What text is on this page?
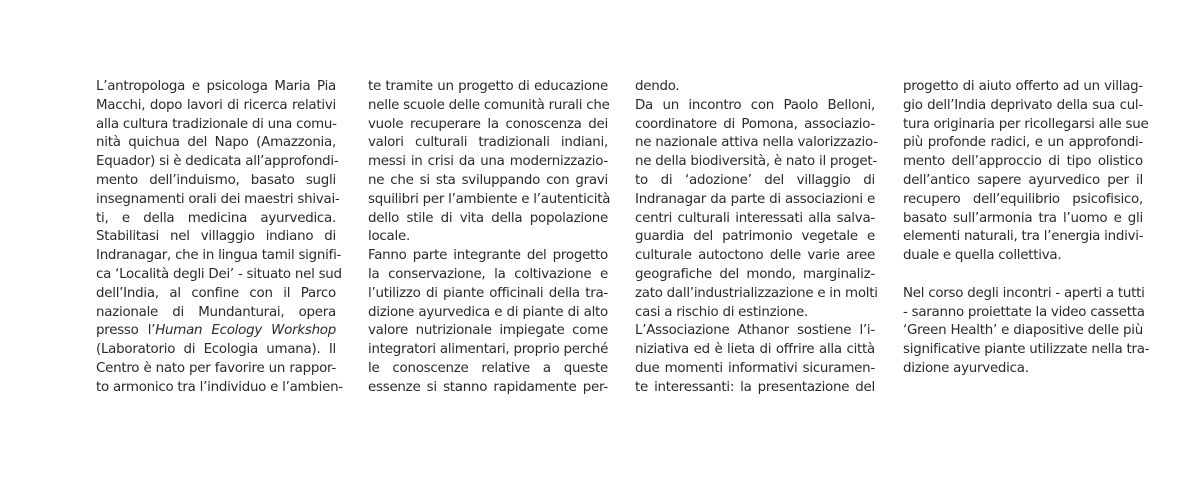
L’antropologa e psicologa Maria Pia
Macchi, dopo lavori di ricerca relativi
alla cultura tradizionale di una comu-
nità quichua del Napo (Amazzonia,
Equador) si è dedicata all’approfondi-
mento dell’induismo, basato sugli
insegnamenti orali dei maestri shivai-
ti, e della medicina ayurvedica.
Stabilitasi nel villaggio indiano di
Indranagar, che in lingua tamil signifi-
ca ‘Località degli Dei’ - situato nel sud
dell’India, al confine con il Parco
nazionale di Mundanturai, opera
presso l’Human Ecology Workshop
(Laboratorio di Ecologia umana). Il
Centro è nato per favorire un rappor-
to armonico tra l’individuo e l’ambien-
te tramite un progetto di educazione
nelle scuole delle comunità rurali che
vuole recuperare la conoscenza dei
valori culturali tradizionali indiani,
messi in crisi da una modernizzazio-
ne che si sta sviluppando con gravi
squilibri per l’ambiente e l’autenticità
dello stile di vita della popolazione
locale.
Fanno parte integrante del progetto
la conservazione, la coltivazione e
l’utilizzo di piante officinali della tra-
dizione ayurvedica e di piante di alto
valore nutrizionale impiegate come
integratori alimentari, proprio perché
le conoscenze relative a queste
essenze si stanno rapidamente per-
dendo.
Da un incontro con Paolo Belloni,
coordinatore di Pomona, associazio-
ne nazionale attiva nella valorizzazio-
ne della biodiversità, è nato il proget-
to di ‘adozione’ del villaggio di
Indranagar da parte di associazioni e
centri culturali interessati alla salva-
guardia del patrimonio vegetale e
culturale autoctono delle varie aree
geografiche del mondo, marginaliz-
zato dall’industrializzazione e in molti
casi a rischio di estinzione.
L’Associazione Athanor sostiene l’i-
niziativa ed è lieta di offrire alla città
due momenti informativi sicuramen-
te interessanti: la presentazione del
progetto di aiuto offerto ad un villag-
gio dell’India deprivato della sua cul-
tura originaria per ricollegarsi alle sue
più profonde radici, e un approfondi-
mento dell’approccio di tipo olistico
dell’antico sapere ayurvedico per il
recupero dell’equilibrio psicofisico,
basato sull’armonia tra l’uomo e gli
elementi naturali, tra l’energia indivi-
duale e quella collettiva.
Nel corso degli incontri - aperti a tutti
- saranno proiettate la video cassetta
‘Green Health’ e diapositive delle più
significative piante utilizzate nella tra-
dizione ayurvedica.
